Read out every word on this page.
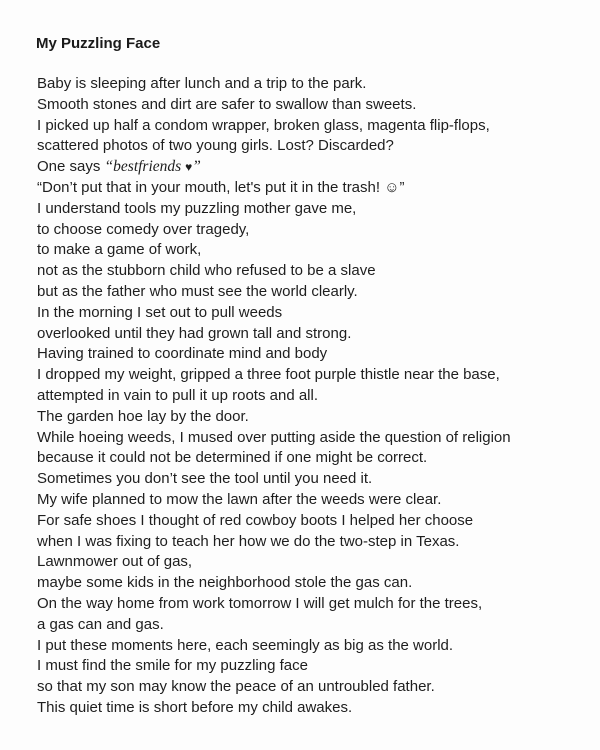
My Puzzling Face
Baby is sleeping after lunch and a trip to the park.
Smooth stones and dirt are safer to swallow than sweets.
I picked up half a condom wrapper, broken glass, magenta flip-flops,
scattered photos of two young girls. Lost? Discarded?
One says “bestfriends ♥”
“Don’t put that in your mouth, let's put it in the trash! ☺”
I understand tools my puzzling mother gave me,
to choose comedy over tragedy,
to make a game of work,
not as the stubborn child who refused to be a slave
but as the father who must see the world clearly.
In the morning I set out to pull weeds
overlooked until they had grown tall and strong.
Having trained to coordinate mind and body
I dropped my weight, gripped a three foot purple thistle near the base,
attempted in vain to pull it up roots and all.
The garden hoe lay by the door.
While hoeing weeds, I mused over putting aside the question of religion
because it could not be determined if one might be correct.
Sometimes you don’t see the tool until you need it.
My wife planned to mow the lawn after the weeds were clear.
For safe shoes I thought of red cowboy boots I helped her choose
when I was fixing to teach her how we do the two-step in Texas.
Lawnmower out of gas,
maybe some kids in the neighborhood stole the gas can.
On the way home from work tomorrow I will get mulch for the trees,
a gas can and gas.
I put these moments here, each seemingly as big as the world.
I must find the smile for my puzzling face
so that my son may know the peace of an untroubled father.
This quiet time is short before my child awakes.
